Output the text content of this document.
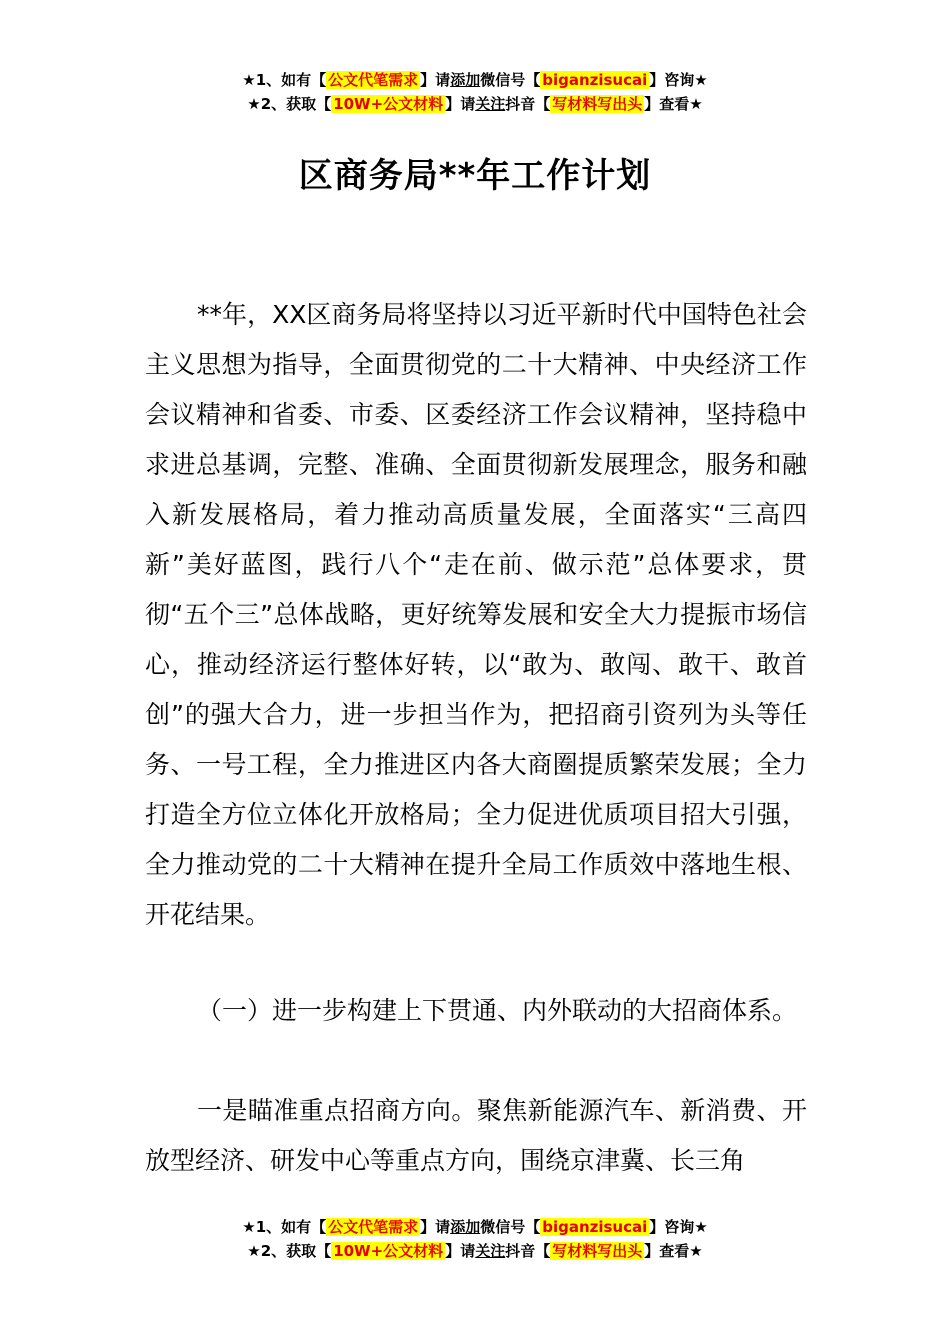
★1、如有【 公文代笔需求 】请添加微信号【 biganzisucai 】咨询★
★2、获取【 10W+公文材料 】请关注抖音【 写材料写出头 】查看★
区商务局**年工作计划

**年，XX区商务局将坚持以习近平新时代中国特色社会主义思想为指导，全面贯彻党的二十大精神、中央经济工作会议精神和省委、市委、区委经济工作会议精神，坚持稳中求进总基调，完整、准确、全面贯彻新发展理念，服务和融入新发展格局，着力推动高质量发展，全面落实“三高四新”美好蓝图，践行八个“走在前、做示范”总体要求，贯彻“五个三”总体战略，更好统筹发展和安全大力提振市场信心，推动经济运行整体好转，以“敢为、敢闯、敢干、敢首创”的强大合力，进一步担当作为，把招商引资列为头等任务、一号工程，全力推进区内各大商圈提质繁荣发展；全力打造全方位立体化开放格局；全力促进优质项目招大引强，全力推动党的二十大精神在提升全局工作质效中落地生根、开花结果。

（一）进一步构建上下贯通、内外联动的大招商体系。

一是瞄准重点招商方向。聚焦新能源汽车、新消费、开放型经济、研发中心等重点方向，围绕京津冀、长三角

★1、如有【 公文代笔需求 】请添加微信号【 biganzisucai 】咨询★
★2、获取【 10W+公文材料 】请关注抖音【 写材料写出头 】查看★
